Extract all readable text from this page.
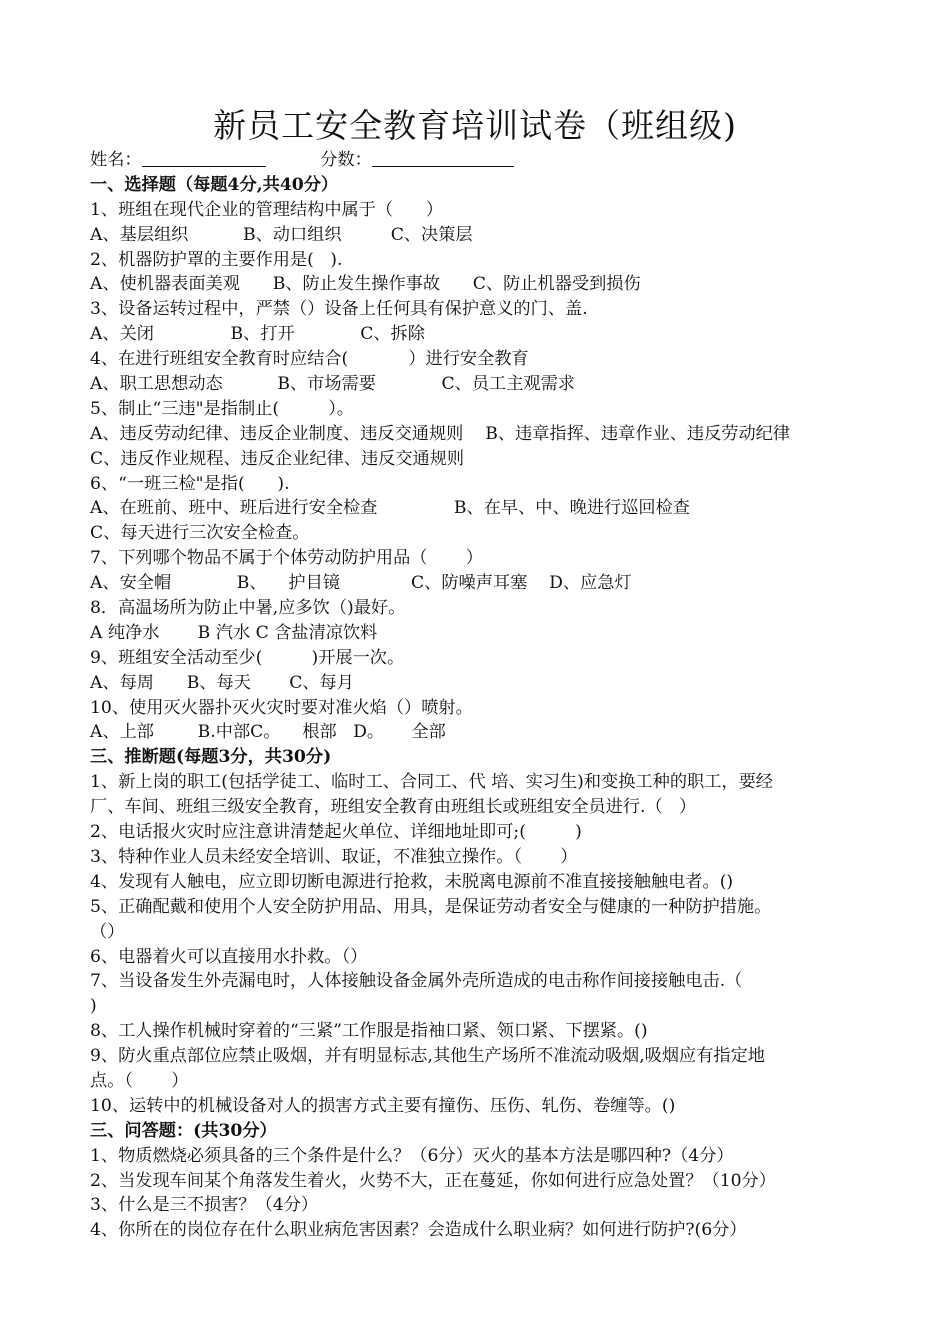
新员工安全教育培训试卷（班组级)
姓名：	分数：
一、选择题（每题4分,共40分）
1、班组在现代企业的管理结构中属于（      ）
A、基层组织          B、动口组织         C、决策层
2、机器防护罩的主要作用是(   ).
A、使机器表面美观      B、防止发生操作事故      C、防止机器受到损伤
3、设备运转过程中，严禁（）设备上任何具有保护意义的门、盖.
A、关闭              B、打开            C、拆除
4、在进行班组安全教育时应结合(           ）进行安全教育
A、职工思想动态          B、市场需要            C、员工主观需求
5、制止“三违"是指制止(         ）。
A、违反劳动纪律、违反企业制度、违反交通规则    B、违章指挥、违章作业、违反劳动纪律
C、违反作业规程、违反企业纪律、违反交通规则
6、“一班三检"是指(      ).
A、在班前、班中、班后进行安全检查              B、在早、中、晚进行巡回检查
C、每天进行三次安全检查。
7、下列哪个物品不属于个体劳动防护用品（       ）
A、安全帽            B、    护目镜             C、防噪声耳塞    D、应急灯
8．高温场所为防止中暑,应多饮（)最好。
A 纯净水       B 汽水 C 含盐清凉饮料
9、班组安全活动至少(         )开展一次。
A、每周      B、每天       C、每月
10、使用灭火器扑灭火灾时要对准火焰（）喷射。
A、上部        B.中部C。    根部   D。     全部
三、推断题(每题3分，共30分)
1、新上岗的职工(包括学徒工、临时工、合同工、代 培、实习生)和变换工种的职工，要经
厂、车间、班组三级安全教育，班组安全教育由班组长或班组安全员进行.（   ）
2、电话报火灾时应注意讲清楚起火单位、详细地址即可;(         )
3、特种作业人员未经安全培训、取证，不准独立操作。（       ）
4、发现有人触电，应立即切断电源进行抢救，未脱离电源前不准直接接触触电者。()
5、正确配戴和使用个人安全防护用品、用具，是保证劳动者安全与健康的一种防护措施。
（）
6、电器着火可以直接用水扑救。（）
7、当设备发生外壳漏电时，人体接触设备金属外壳所造成的电击称作间接接触电击.（
)
8、工人操作机械时穿着的“三紧”工作服是指袖口紧、领口紧、下摆紧。()
9、防火重点部位应禁止吸烟，并有明显标志,其他生产场所不准流动吸烟,吸烟应有指定地
点。（       ）
10、运转中的机械设备对人的损害方式主要有撞伤、压伤、轧伤、卷缠等。()
三、问答题：(共30分）
1、物质燃烧必须具备的三个条件是什么？（6分）灭火的基本方法是哪四种?（4分）
2、当发现车间某个角落发生着火，火势不大，正在蔓延，你如何进行应急处置？（10分）
3、什么是三不损害？（4分）
4、你所在的岗位存在什么职业病危害因素？会造成什么职业病？如何进行防护?(6分）
